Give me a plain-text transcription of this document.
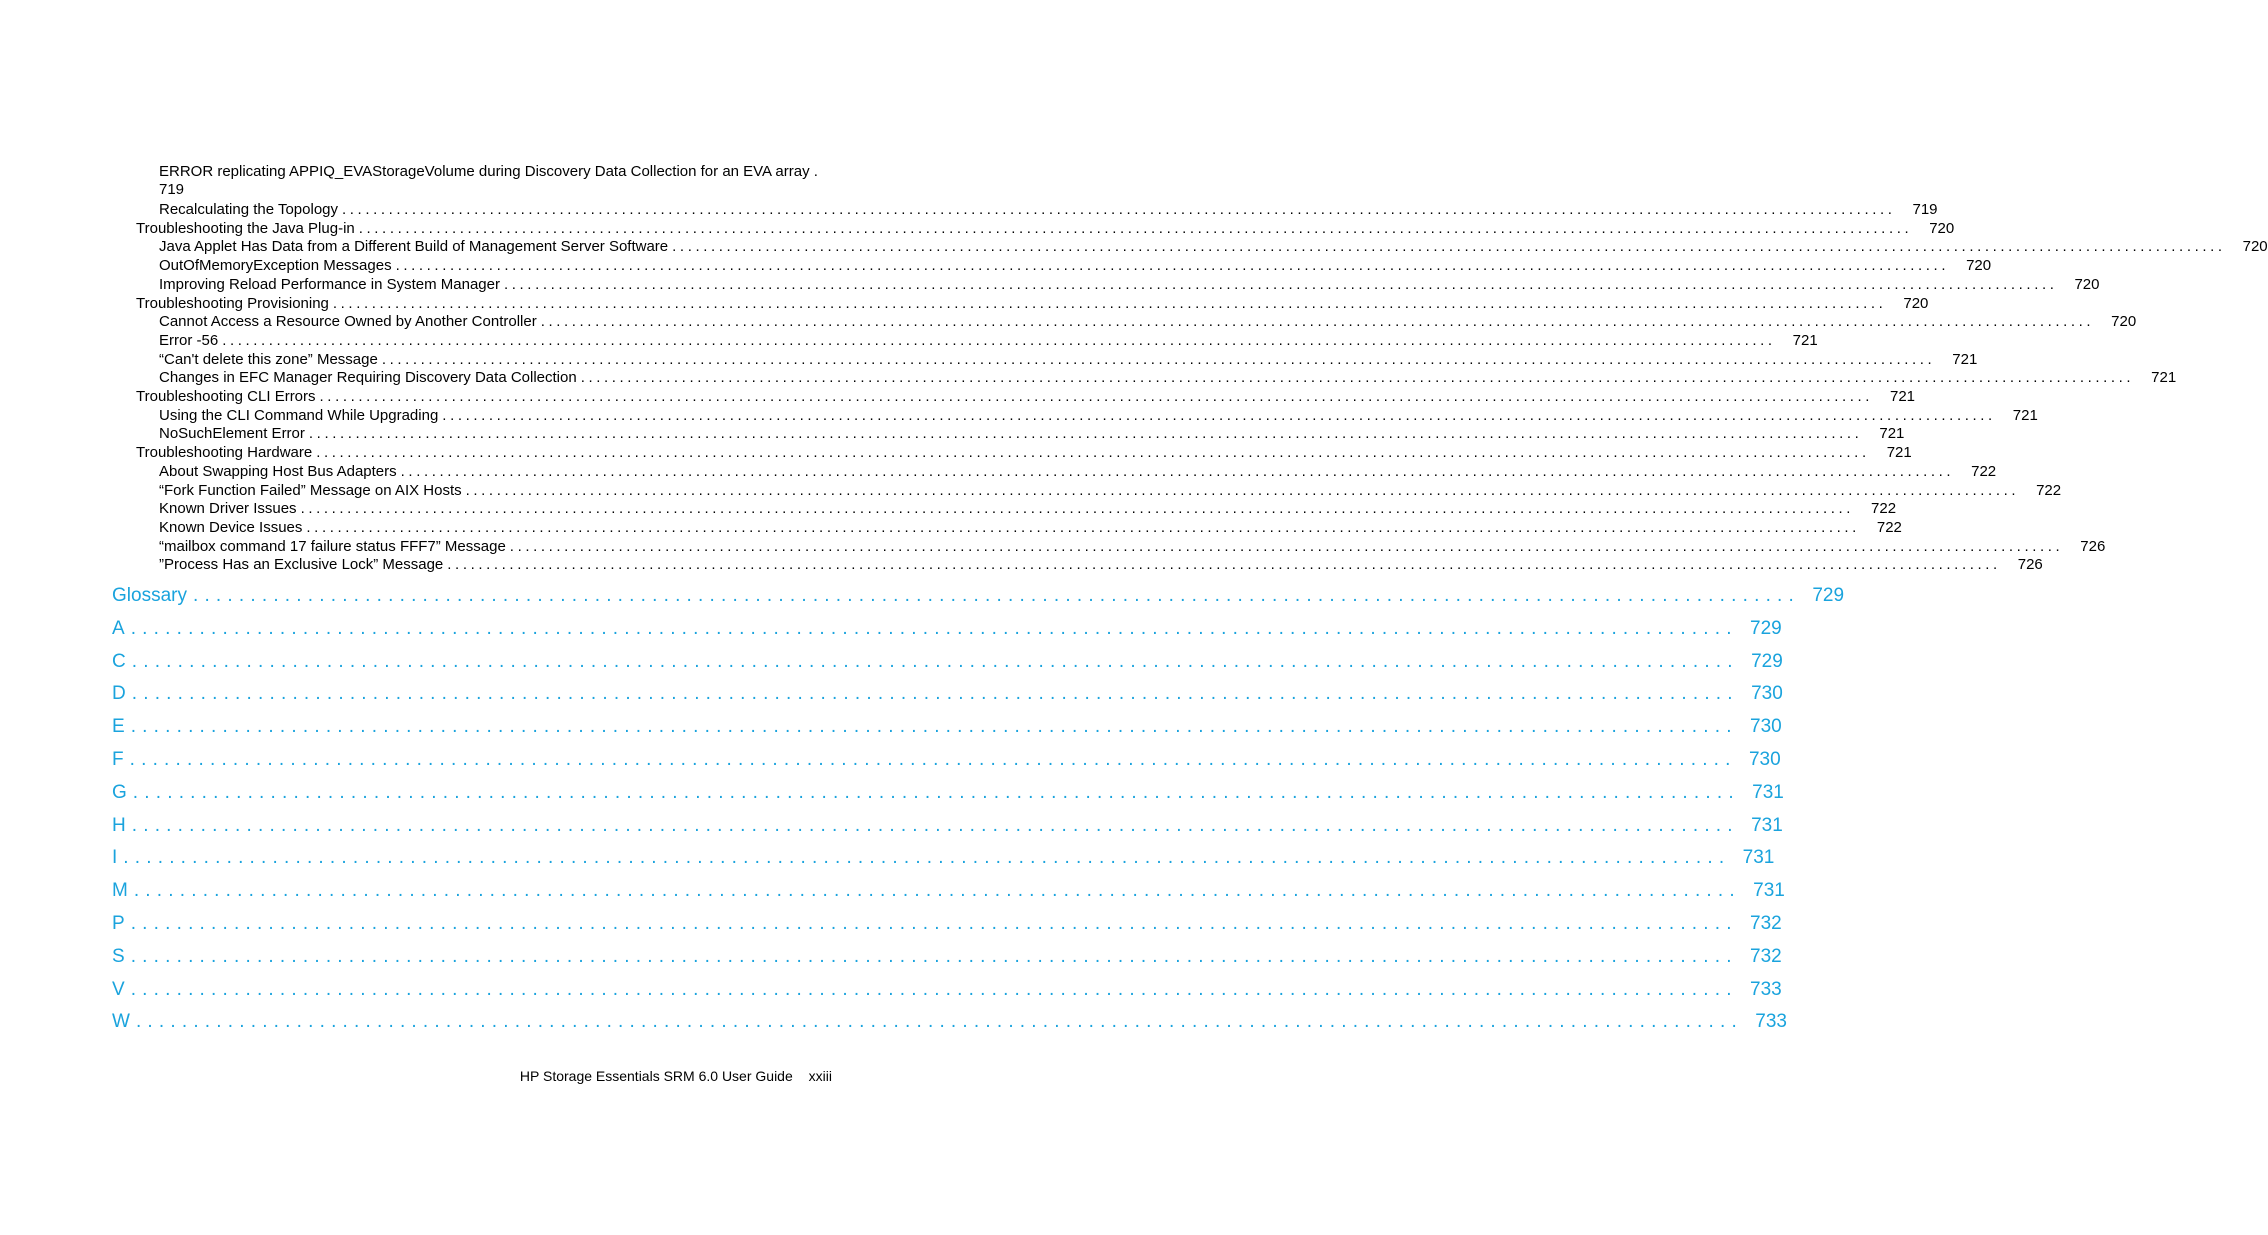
ERROR replicating APPIQ_EVAStorageVolume during Discovery Data Collection for an EVA array .
719
Recalculating the Topology ........................................................................................................................................................................................................	719
Troubleshooting the Java Plug-in ........................................................................................................................................................................................................	720
Java Applet Has Data from a Different Build of Management Server Software ........................................................................................................................................................................................................	720
OutOfMemoryException Messages ........................................................................................................................................................................................................	720
Improving Reload Performance in System Manager ........................................................................................................................................................................................................	720
Troubleshooting Provisioning ........................................................................................................................................................................................................	720
Cannot Access a Resource Owned by Another Controller ........................................................................................................................................................................................................	720
Error -56 ........................................................................................................................................................................................................	721
“Can't delete this zone” Message ........................................................................................................................................................................................................	721
Changes in EFC Manager Requiring Discovery Data Collection ........................................................................................................................................................................................................	721
Troubleshooting CLI Errors ........................................................................................................................................................................................................	721
Using the CLI Command While Upgrading ........................................................................................................................................................................................................	721
NoSuchElement Error ........................................................................................................................................................................................................	721
Troubleshooting Hardware ........................................................................................................................................................................................................	721
About Swapping Host Bus Adapters ........................................................................................................................................................................................................	722
“Fork Function Failed” Message on AIX Hosts ........................................................................................................................................................................................................	722
Known Driver Issues ........................................................................................................................................................................................................	722
Known Device Issues ........................................................................................................................................................................................................	722
“mailbox command 17 failure status FFF7” Message ........................................................................................................................................................................................................	726
”Process Has an Exclusive Lock” Message ........................................................................................................................................................................................................	726
Glossary ............................................................................................................................................ 729
A ............................................................................................................................................ 729
C ............................................................................................................................................ 729
D ............................................................................................................................................ 730
E ............................................................................................................................................ 730
F ............................................................................................................................................ 730
G ............................................................................................................................................ 731
H ............................................................................................................................................ 731
I ............................................................................................................................................ 731
M ............................................................................................................................................ 731
P ............................................................................................................................................ 732
S ............................................................................................................................................ 732
V ............................................................................................................................................ 733
W ............................................................................................................................................ 733
HP Storage Essentials SRM 6.0 User Guide xxiii
